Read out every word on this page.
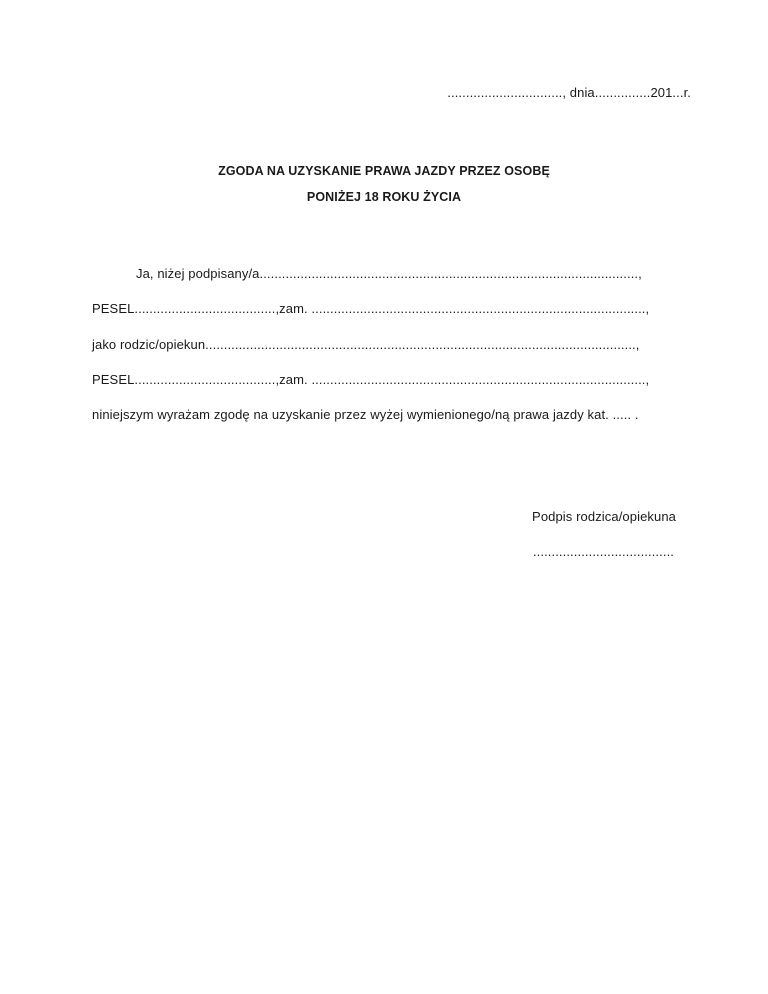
..............................., dnia...............201...r.
ZGODA NA UZYSKANIE PRAWA JAZDY PRZEZ OSOBĘ
PONIŻEJ 18 ROKU ŻYCIA
Ja, niżej podpisany/a......................................................................................................,
PESEL......................................,zam. ..........................................................................................,
jako rodzic/opiekun....................................................................................................................,
PESEL......................................,zam. ..........................................................................................,
niniejszym wyrażam zgodę na uzyskanie przez wyżej wymienionego/ną prawa jazdy kat. ..... .
Podpis rodzica/opiekuna
......................................
